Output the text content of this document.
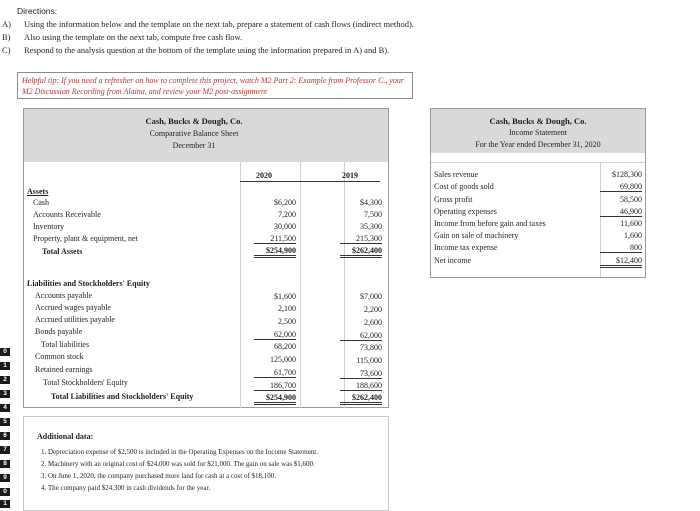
Directions:
A) Using the information below and the template on the next tab, prepare a statement of cash flows (indirect method).
B) Also using the template on the next tab, compute free cash flow.
C) Respond to the analysis question at the bottom of the template using the information prepared in A) and B).
Helpful tip: If you need a refresher on how to complete this project, watch M2 Part 2: Example from Professor C., your M2 Discussion Recording from Alaina, and review your M2 post-assignment
0
1
2
3
4
5
6
7
8
9
0
1
Cash, Bucks & Dough, Co.
Comparative Balance Sheet
December 31
2020	2019
Assets
Cash	$6,200	$4,300
Accounts Receivable	7,200	7,500
Inventory	30,000	35,300
Property, plant & equipment, net	211,500	215,300
Total Assets	$254,900	$262,400
Liabilities and Stockholders' Equity
Accounts payable	$1,600	$7,000
Accrued wages payable	2,100	2,200
Accrued utilities payable	2,500	2,600
Bonds payable	62,000	62,000
Total liabilities	68,200	73,800
Common stock	125,000	115,000
Retained earnings	61,700	73,600
Total Stockholders' Equity	186,700	188,600
Total Liabilities and Stockholders' Equity	$254,900	$262,400
Cash, Bucks & Dough, Co.
Income Statement
For the Year ended December 31, 2020
Sales revenue	$128,300
Cost of goods sold	69,800
Gross profit	58,500
Operating expenses	46,900
Income from before gain and taxes	11,600
Gain on sale of machinery	1,600
Income tax expense	800
Net income	$12,400
Additional data:
1. Depreciation expense of $2,500 is included in the Operating Expenses on the Income Statement.
2. Machinery with an original cost of $24,000 was sold for $21,000. The gain on sale was $1,600.
3. On June 1, 2020, the company purchased more land for cash at a cost of $18,100.
4. The company paid $24,300 in cash dividends for the year.
